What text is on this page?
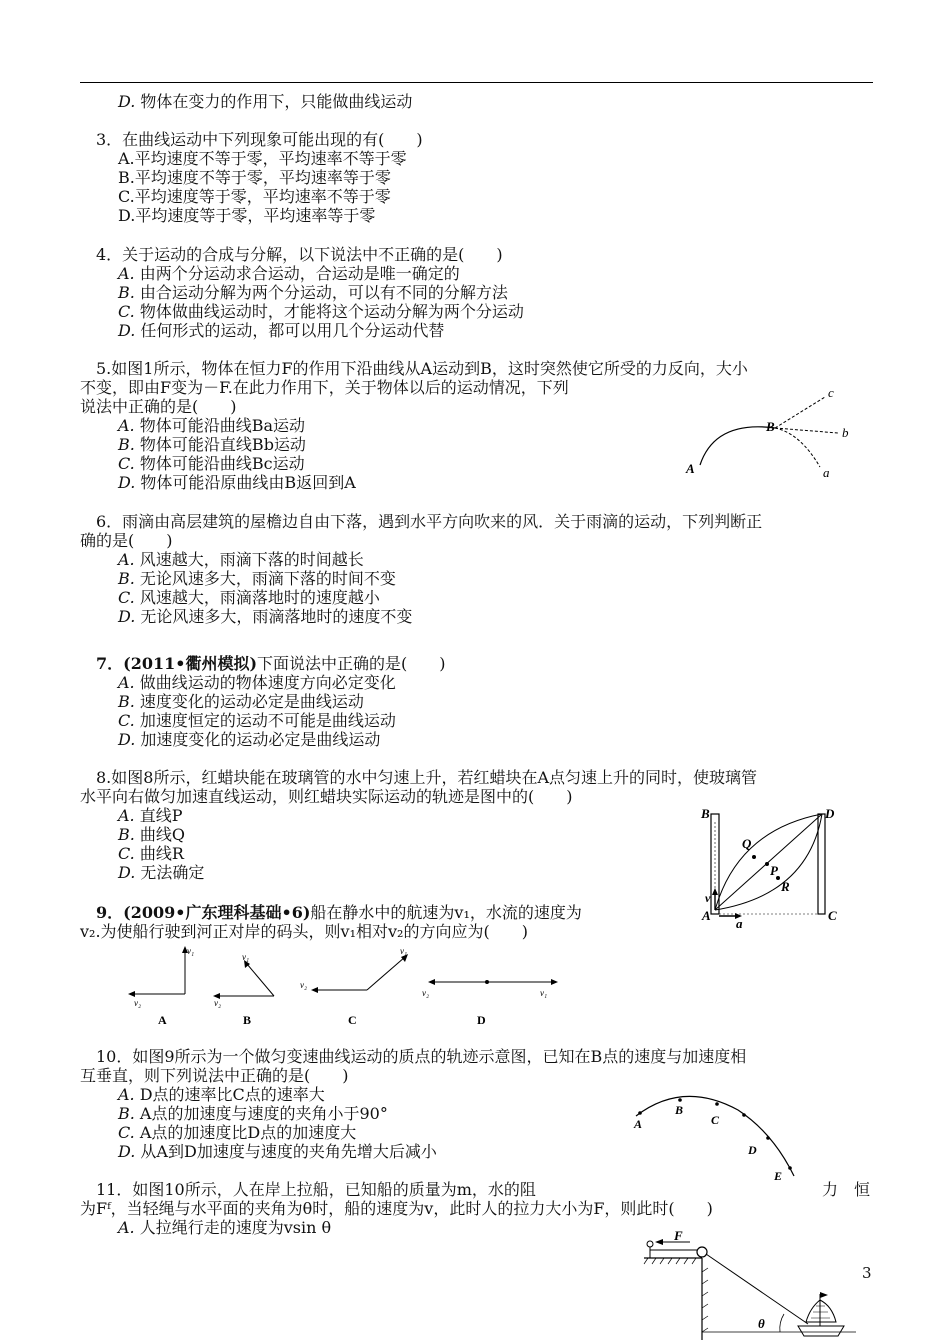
D. 物体在变力的作用下，只能做曲线运动
3．在曲线运动中下列现象可能出现的有(　　)
A.平均速度不等于零，平均速率不等于零
B.平均速度不等于零，平均速率等于零
C.平均速度等于零，平均速率不等于零
D.平均速度等于零，平均速率等于零
4．关于运动的合成与分解，以下说法中不正确的是(　　)
A. 由两个分运动求合运动，合运动是唯一确定的
B. 由合运动分解为两个分运动，可以有不同的分解方法
C. 物体做曲线运动时，才能将这个运动分解为两个分运动
D. 任何形式的运动，都可以用几个分运动代替
5.如图1所示，物体在恒力F的作用下沿曲线从A运动到B，这时突然使它所受的力反向，大小
不变，即由F变为－F.在此力作用下，关于物体以后的运动情况，下列
说法中正确的是(　　)
A. 物体可能沿曲线Ba运动
B. 物体可能沿直线Bb运动
C. 物体可能沿曲线Bc运动
D. 物体可能沿原曲线由B返回到A
A
B
c
b
a
6．雨滴由高层建筑的屋檐边自由下落，遇到水平方向吹来的风．关于雨滴的运动，下列判断正
确的是(　　)
A. 风速越大，雨滴下落的时间越长
B. 无论风速多大，雨滴下落的时间不变
C. 风速越大，雨滴落地时的速度越小
D. 无论风速多大，雨滴落地时的速度不变
7．(2011•衢州模拟)下面说法中正确的是(　　)
A. 做曲线运动的物体速度方向必定变化
B. 速度变化的运动必定是曲线运动
C. 加速度恒定的运动不可能是曲线运动
D. 加速度变化的运动必定是曲线运动
8.如图8所示，红蜡块能在玻璃管的水中匀速上升，若红蜡块在A点匀速上升的同时，使玻璃管
水平向右做匀加速直线运动，则红蜡块实际运动的轨迹是图中的(　　)
A. 直线P
B. 曲线Q
C. 曲线R
D. 无法确定
B	D
Q
P
R
v
A
a
C
9．(2009•广东理科基础•6)船在静水中的航速为v₁，水流的速度为
v₂.为使船行驶到河正对岸的码头，则v₁相对v₂的方向应为(　　)
v₁
v₂
A
v₁
v₂
B
v₁
v₂
C
v₂	v₁
D
10．如图9所示为一个做匀变速曲线运动的质点的轨迹示意图，已知在B点的速度与加速度相
互垂直，则下列说法中正确的是(　　)
A. D点的速率比C点的速率大
B. A点的加速度与速度的夹角小于90°
C. A点的加速度比D点的加速度大
D. 从A到D加速度与速度的夹角先增大后减小
A
B
C
D
E
11．如图10所示，人在岸上拉船，已知船的质量为m，水的阻	力　恒
为Fᶠ，当轻绳与水平面的夹角为θ时，船的速度为v，此时人的拉力大小为F，则此时(　　)
A. 人拉绳行走的速度为vsin θ	F
θ
3
